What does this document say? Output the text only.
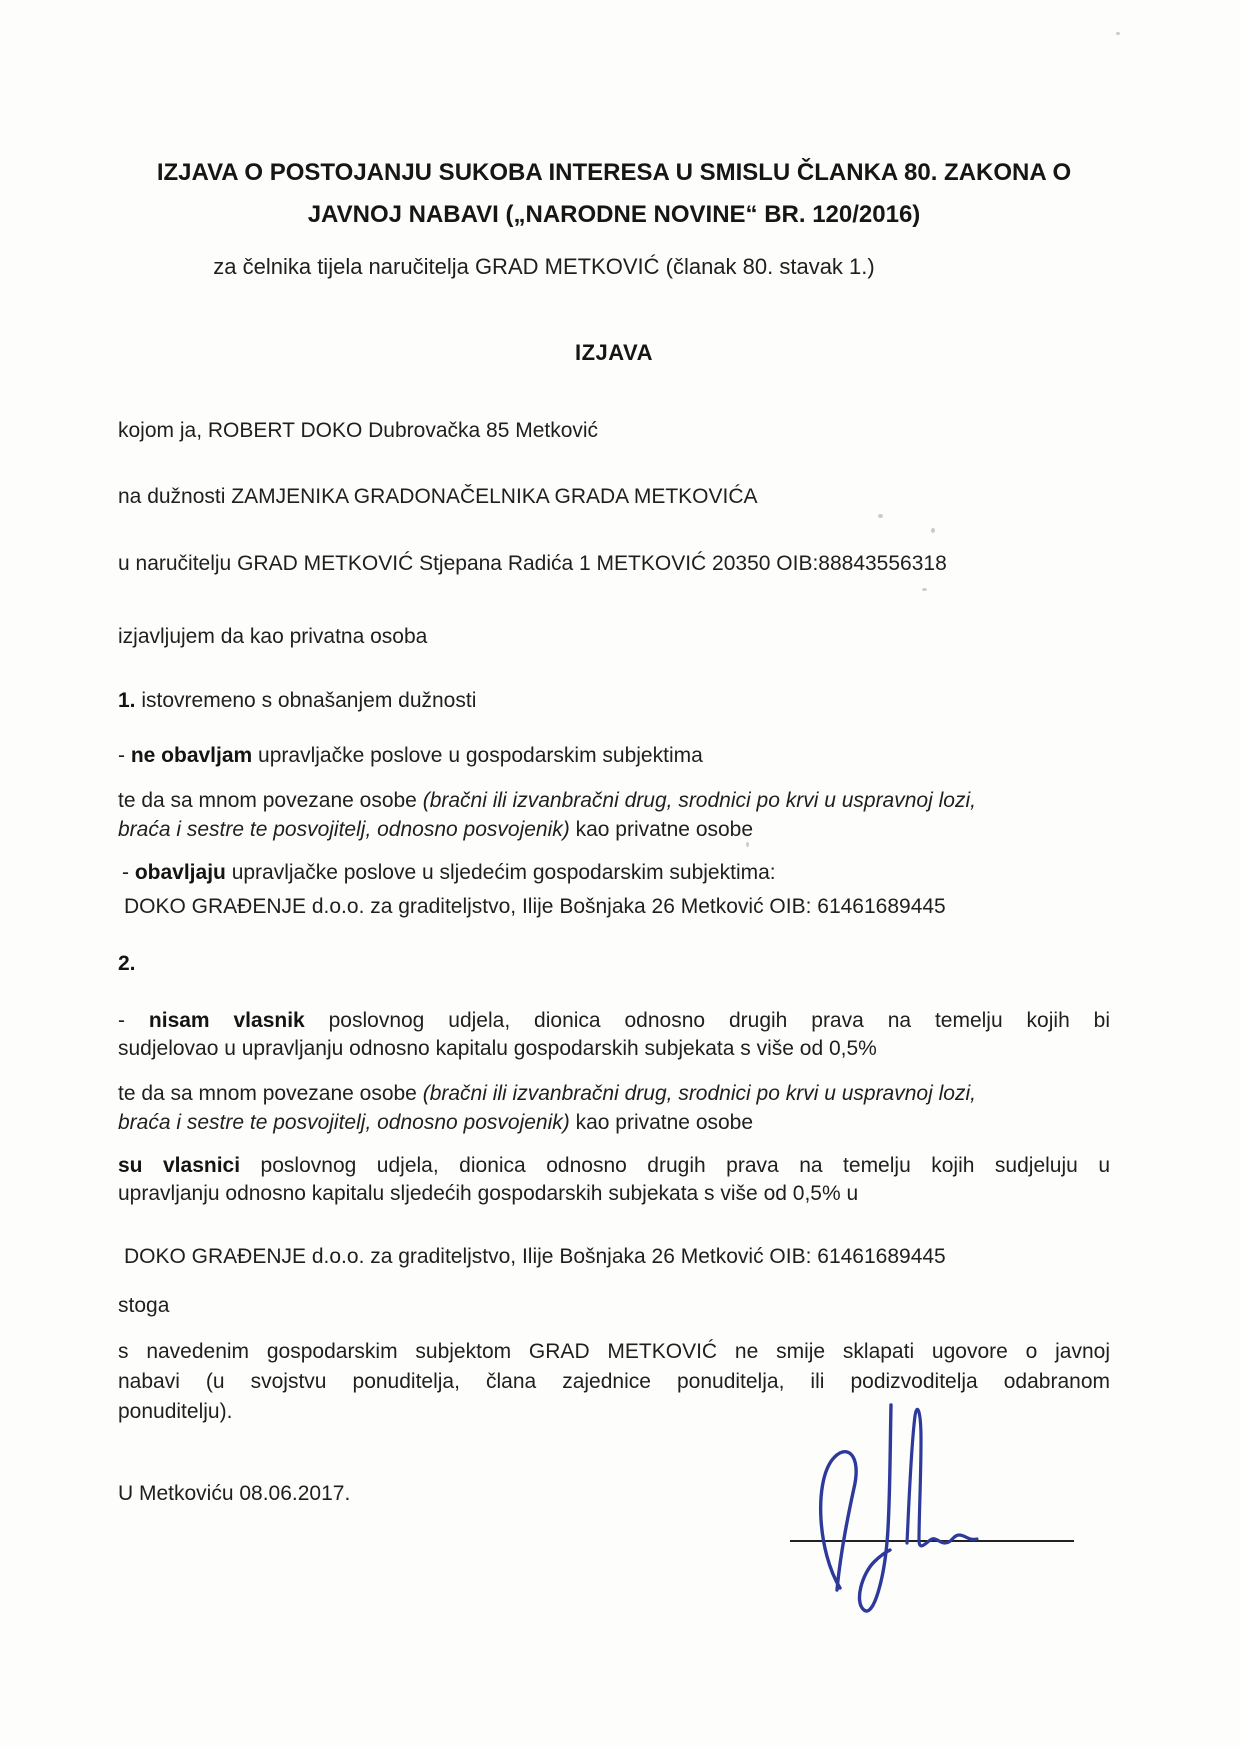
IZJAVA O POSTOJANJU SUKOBA INTERESA U SMISLU ČLANKA 80. ZAKONA O
JAVNOJ NABAVI („NARODNE NOVINE“ BR. 120/2016)
za čelnika tijela naručitelja GRAD METKOVIĆ (članak 80. stavak 1.)
IZJAVA

kojom ja, ROBERT DOKO Dubrovačka 85 Metković

na dužnosti ZAMJENIKA GRADONAČELNIKA GRADA METKOVIĆA

u naručitelju GRAD METKOVIĆ Stjepana Radića 1 METKOVIĆ 20350 OIB:88843556318

izjavljujem da kao privatna osoba

1. istovremeno s obnašanjem dužnosti

- ne obavljam upravljačke poslove u gospodarskim subjektima

te da sa mnom povezane osobe (bračni ili izvanbračni drug, srodnici po krvi u uspravnoj lozi,
braća i sestre te posvojitelj, odnosno posvojenik) kao privatne osobe

- obavljaju upravljačke poslove u sljedećim gospodarskim subjektima:

DOKO GRAĐENJE d.o.o. za graditeljstvo, Ilije Bošnjaka 26 Metković OIB: 61461689445

2.

- nisam vlasnik poslovnog udjela, dionica odnosno drugih prava na temelju kojih bi
sudjelovao u upravljanju odnosno kapitalu gospodarskih subjekata s više od 0,5%
te da sa mnom povezane osobe (bračni ili izvanbračni drug, srodnici po krvi u uspravnoj lozi,
braća i sestre te posvojitelj, odnosno posvojenik) kao privatne osobe
su vlasnici poslovnog udjela, dionica odnosno drugih prava na temelju kojih sudjeluju u
upravljanju odnosno kapitalu sljedećih gospodarskih subjekata s više od 0,5% u

DOKO GRAĐENJE d.o.o. za graditeljstvo, Ilije Bošnjaka 26 Metković OIB: 61461689445

stoga

s navedenim gospodarskim subjektom GRAD METKOVIĆ ne smije sklapati ugovore o javnoj
nabavi (u svojstvu ponuditelja, člana zajednice ponuditelja, ili podizvoditelja odabranom
ponuditelju).

U Metkoviću 08.06.2017.
